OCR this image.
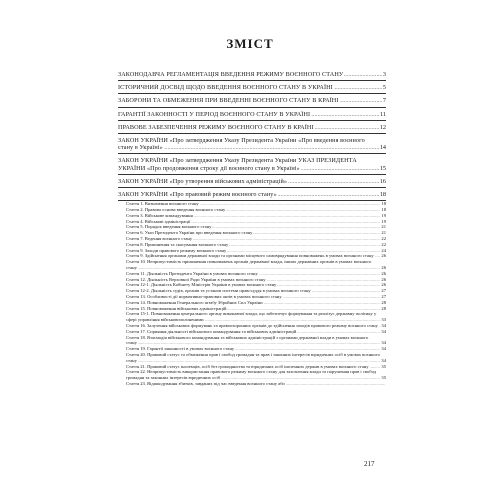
ЗМІСТ
ЗАКОНОДАВЧА РЕГЛАМЕНТАЦІЯ ВВЕДЕННЯ РЕЖИМУ ВОЄННОГО СТАНУ .....	3
ІСТОРИЧНИЙ ДОСВІД ЩОДО ВВЕДЕННЯ ВОЄННОГО СТАНУ В УКРАЇНІ .....	5
ЗАБОРОНИ ТА ОБМЕЖЕННЯ ПРИ ВВЕДЕННІ ВОЄННОГО СТАНУ В КРАЇНІ .....	7
ГАРАНТІЇ ЗАКОННОСТІ У ПЕРІОД ВОЄННОГО СТАНУ В УКРАЇНІ .....	11
ПРАВОВЕ ЗАБЕЗПЕЧЕННЯ РЕЖИМУ ВОЄННОГО СТАНУ В КРАЇНІ .....	12
ЗАКОН УКРАЇНИ «Про затвердження Указу Президента України «Про введення воєнного стану в Україні» .....	14
ЗАКОН УКРАЇНИ «Про затвердження Указу Президента України УКАЗ ПРЕЗИДЕНТА УКРАЇНИ «Про продовження строку дії воєнного стану в Україні» .....	15
ЗАКОН УКРАЇНИ «Про утворення військових адміністрацій» .....	16
ЗАКОН УКРАЇНИ «Про правовий режим воєнного стану» .....	18
Стаття 1. Визначення воєнного стану .....	18
Стаття 2. Правова основа введення воєнного стану .....	18
Стаття 3. Військове командування .....	19
Стаття 4. Військові адміністрації .....	19
Стаття 5. Порядок введення воєнного стану .....	21
Стаття 6. Указ Президента України про введення воєнного стану .....	21
Стаття 7. Ведення воєнного стану .....	22
Стаття 8. Припинення та скасування воєнного стану .....	22
Стаття 9. Заходи правового режиму воєнного стану .....	24
Стаття 9. Здійснення органами державної влади та органами місцевого самоврядування повноважень в умовах воєнного стану .....	26
Стаття 10. Неприпустимість припинення повноважень органів державної влади, інших державних органів в умовах воєнного стану .....	26
Стаття 11. Діяльність Президента України в умовах воєнного стану .....	26
Стаття 12. Діяльність Верховної Ради України в умовах воєнного стану .....	26
Стаття 12-1. Діяльність Кабінету Міністрів України в умовах воєнного стану .....	26
Стаття 12-2. Діяльність судів, органів та установ системи правосуддя в умовах воєнного стану .....	27
Стаття 13. Особливості дії нормативно-правових актів в умовах воєнного стану .....	27
Стаття 14. Повноваження Генерального штабу Збройних Сил України .....	28
Стаття 15. Повноваження військових адміністрацій .....	28
Стаття 15-1. Повноваження центрального органу виконавчої влади, що забезпечує формування та реалізує державну політику у сфері управління військовополоненими .....	33
Стаття 16. Залучення військових формувань та правоохоронних органів до здійснення заходів правового режиму воєнного стану ..... 34
Стаття 17. Сприяння діяльності військового командування та військових адміністрацій .....	34
Стаття 18. Взаємодія військового командування та військових адміністрацій з органами державної влади в умовах воєнного стану .....	34
Стаття 19. Гарантії законності в умовах воєнного стану .....	34
Стаття 20. Правовий статус та обмеження прав і свобод громадян та прав і законних інтересів юридичних осіб в умовах воєнного стану .....	34
Стаття 21. Правовий статус іноземців, осіб без громадянства та юридичних осіб іноземних держав в умовах воєнного стану .....	35
Стаття 22. Неприпустимість використання правового режиму воєнного стану для захоплення влади та порушення прав і свобод громадян та законних інтересів юридичних осіб .....	35
Стаття 23. Відшкодування збитків, завданих під час введення воєнного стану або .....
217
